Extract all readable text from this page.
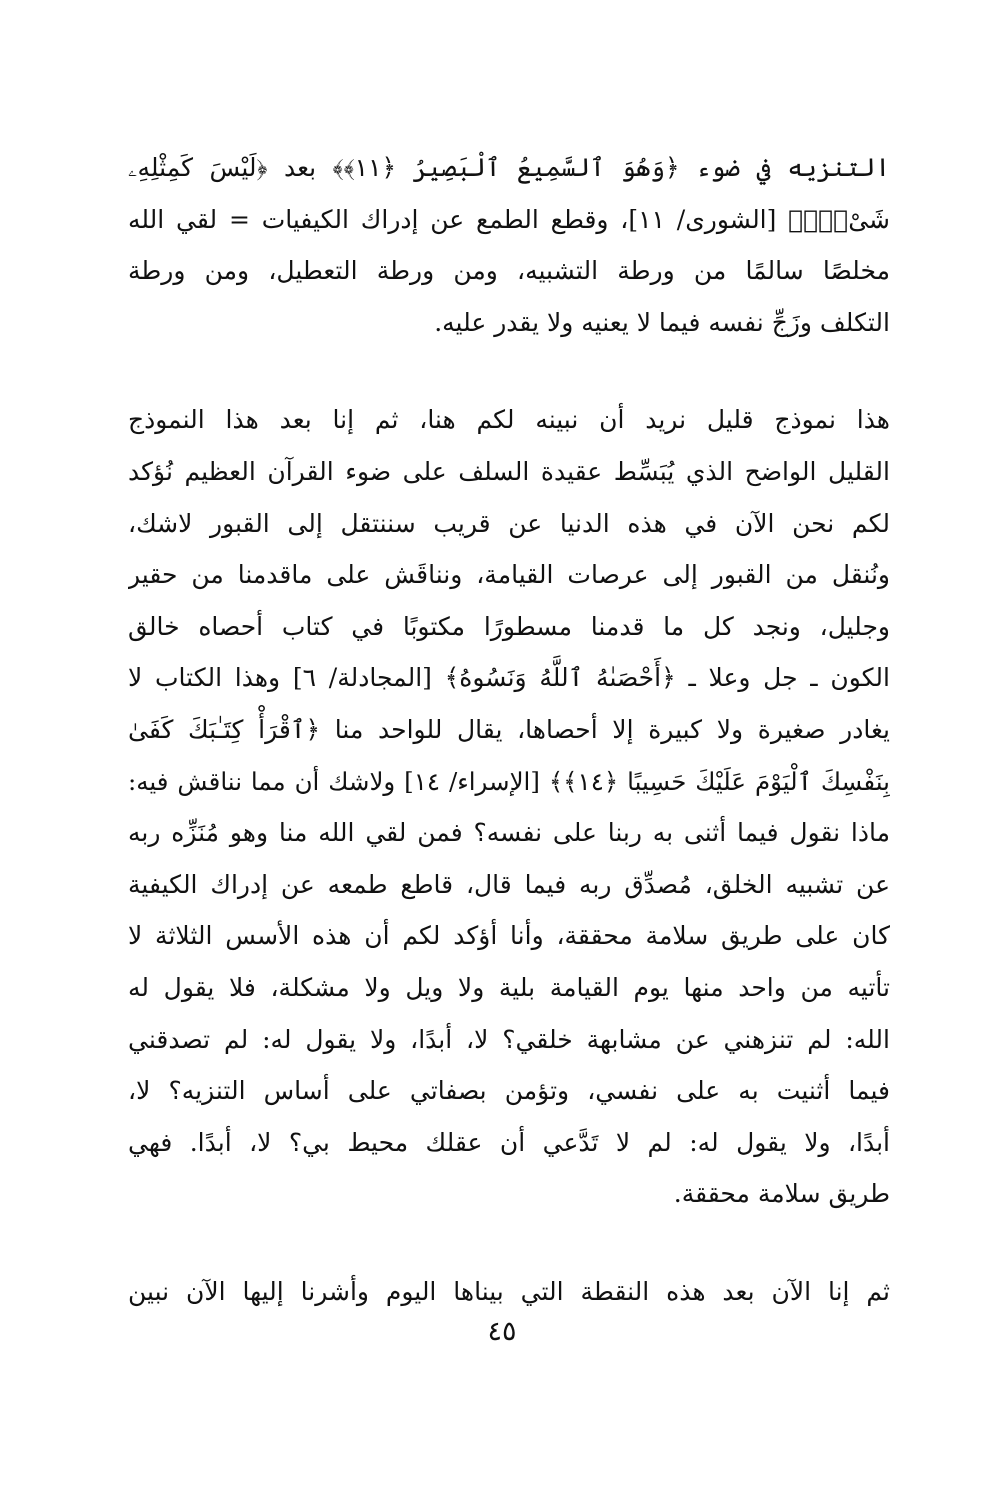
التنزيه في ضوء ﴿وَهُوَ ٱلسَّمِيعُ ٱلْبَصِيرُ ﴿١١﴾﴾ بعد ﴿لَيْسَ كَمِثْلِهِۦ
شَىْءٌۖ﴾ [الشورى/ ١١]، وقطع الطمع عن إدراك الكيفيات = لقي الله
مخلصًا سالمًا من ورطة التشبيه، ومن ورطة التعطيل، ومن ورطة
التكلف وزَجِّ نفسه فيما لا يعنيه ولا يقدر عليه.

هذا نموذج قليل نريد أن نبينه لكم هنا، ثم إنا بعد هذا النموذج
القليل الواضح الذي يُبَسِّط عقيدة السلف على ضوء القرآن العظيم نُؤكد
لكم نحن الآن في هذه الدنيا عن قريب سننتقل إلى القبور لاشك،
ونُنقل من القبور إلى عرصات القيامة، ونناقَش على ماقدمنا من حقير
وجليل، ونجد كل ما قدمنا مسطورًا مكتوبًا في كتاب أحصاه خالق
الكون ـ جل وعلا ـ ﴿أَحْصَىٰهُ ٱللَّهُ وَنَسُوهُ﴾ [المجادلة/ ٦] وهذا الكتاب لا
يغادر صغيرة ولا كبيرة إلا أحصاها، يقال للواحد منا ﴿ٱقْرَأْ كِتَـٰبَكَ كَفَىٰ
بِنَفْسِكَ ٱلْيَوْمَ عَلَيْكَ حَسِيبًا ﴿١٤﴾﴾ [الإسراء/ ١٤] ولاشك أن مما نناقش فيه:
ماذا نقول فيما أثنى به ربنا على نفسه؟ فمن لقي الله منا وهو مُنَزِّه ربه
عن تشبيه الخلق، مُصدِّق ربه فيما قال، قاطع طمعه عن إدراك الكيفية
كان على طريق سلامة محققة، وأنا أؤكد لكم أن هذه الأسس الثلاثة لا
تأتيه من واحد منها يوم القيامة بلية ولا ويل ولا مشكلة، فلا يقول له
الله: لم تنزهني عن مشابهة خلقي؟ لا، أبدًا، ولا يقول له: لم تصدقني
فيما أثنيت به على نفسي، وتؤمن بصفاتي على أساس التنزيه؟ لا،
أبدًا، ولا يقول له: لم لا تَدَّعي أن عقلك محيط بي؟ لا، أبدًا. فهي
طريق سلامة محققة.

ثم إنا الآن بعد هذه النقطة التي بيناها اليوم وأشرنا إليها الآن نبين

٤٥
